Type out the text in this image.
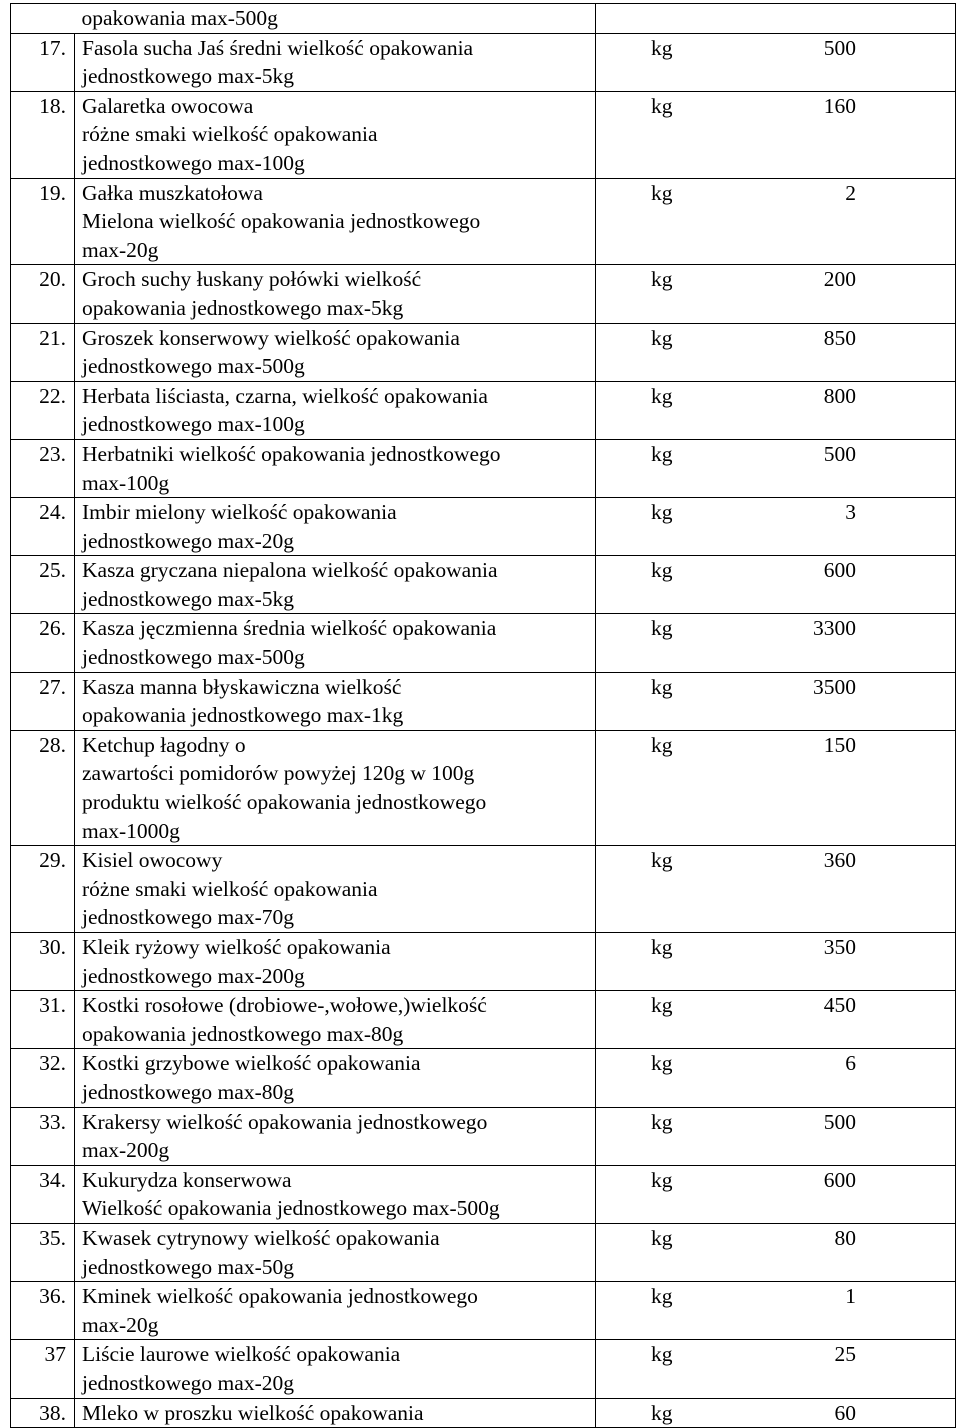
	opakowania max-500g	

17.	Fasola sucha Jaś średni wielkość opakowania
jednostkowego max-5kg	kg 500

18.	Galaretka owocowa
różne smaki wielkość opakowania
jednostkowego max-100g	kg 160

19.	Gałka muszkatołowa
Mielona wielkość opakowania jednostkowego
max-20g	kg 2

20.	Groch suchy łuskany połówki wielkość
opakowania jednostkowego max-5kg	kg 200

21.	Groszek konserwowy wielkość opakowania
jednostkowego max-500g	kg 850

22.	Herbata liściasta, czarna, wielkość opakowania
jednostkowego max-100g	kg 800

23.	Herbatniki wielkość opakowania jednostkowego
max-100g	kg 500

24.	Imbir mielony wielkość opakowania
jednostkowego max-20g	kg 3

25.	Kasza gryczana niepalona wielkość opakowania
jednostkowego max-5kg	kg 600

26.	Kasza jęczmienna średnia wielkość opakowania
jednostkowego max-500g	kg 3300

27.	Kasza manna błyskawiczna wielkość
opakowania jednostkowego max-1kg	kg 3500

28.	Ketchup łagodny o
zawartości pomidorów powyżej 120g w 100g
produktu wielkość opakowania jednostkowego
max-1000g	kg 150

29.	Kisiel owocowy
różne smaki wielkość opakowania
jednostkowego max-70g	kg 360

30.	Kleik ryżowy wielkość opakowania
jednostkowego max-200g	kg 350

31.	Kostki rosołowe (drobiowe-,wołowe,)wielkość
opakowania jednostkowego max-80g	kg 450

32.	Kostki grzybowe wielkość opakowania
jednostkowego max-80g	kg 6

33.	Krakersy wielkość opakowania jednostkowego
max-200g	kg 500

34.	Kukurydza konserwowa
Wielkość opakowania jednostkowego max-500g	kg 600

35.	Kwasek cytrynowy wielkość opakowania
jednostkowego max-50g	kg 80

36.	Kminek wielkość opakowania jednostkowego
max-20g	kg 1

37	Liście laurowe wielkość opakowania
jednostkowego max-20g	kg 25

38.	Mleko w proszku wielkość opakowania	kg 60
